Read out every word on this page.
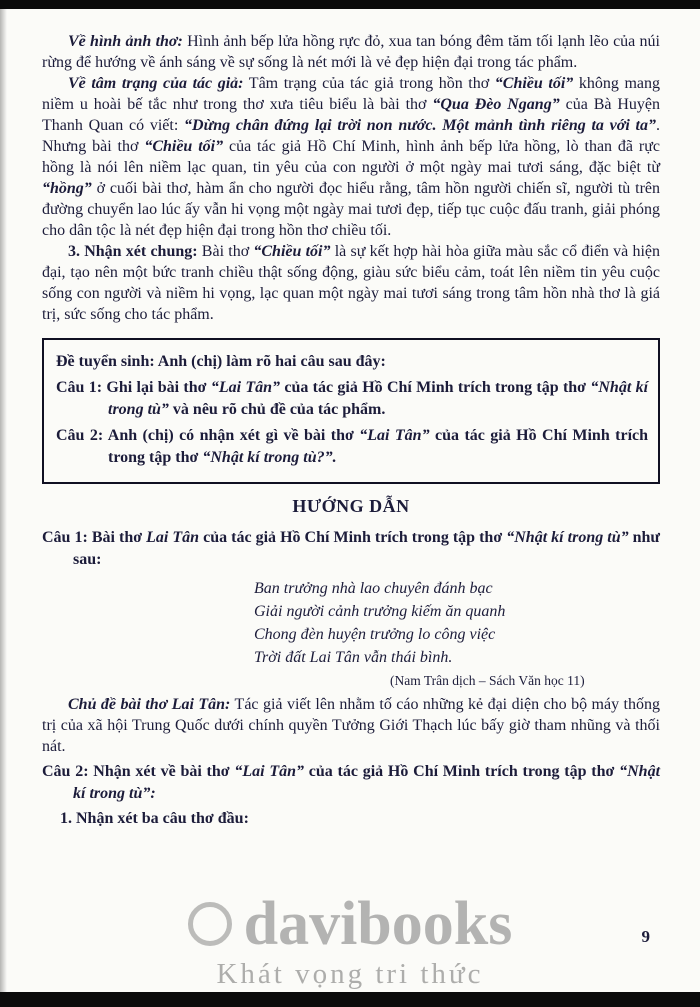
Về hình ảnh thơ: Hình ảnh bếp lửa hồng rực đỏ, xua tan bóng đêm tăm tối lạnh lẽo của núi rừng để hướng về ánh sáng về sự sống là nét mới là vẻ đẹp hiện đại trong tác phẩm.

Về tâm trạng của tác giả: Tâm trạng của tác giả trong hồn thơ “Chiều tối” không mang niềm u hoài bế tắc như trong thơ xưa tiêu biểu là bài thơ “Qua Đèo Ngang” của Bà Huyện Thanh Quan có viết: “Dừng chân đứng lại trời non nước. Một mảnh tình riêng ta với ta”. Nhưng bài thơ “Chiều tối” của tác giả Hồ Chí Minh, hình ảnh bếp lửa hồng, lò than đã rực hồng là nói lên niềm lạc quan, tin yêu của con người ở một ngày mai tươi sáng, đặc biệt từ “hồng” ở cuối bài thơ, hàm ẩn cho người đọc hiểu rằng, tâm hồn người chiến sĩ, người tù trên đường chuyển lao lúc ấy vẫn hi vọng một ngày mai tươi đẹp, tiếp tục cuộc đấu tranh, giải phóng cho dân tộc là nét đẹp hiện đại trong hồn thơ chiều tối.

3. Nhận xét chung: Bài thơ “Chiều tối” là sự kết hợp hài hòa giữa màu sắc cổ điển và hiện đại, tạo nên một bức tranh chiều thật sống động, giàu sức biểu cảm, toát lên niềm tin yêu cuộc sống con người và niềm hi vọng, lạc quan một ngày mai tươi sáng trong tâm hồn nhà thơ là giá trị, sức sống cho tác phẩm.

Đề tuyển sinh: Anh (chị) làm rõ hai câu sau đây:

Câu 1: Ghi lại bài thơ “Lai Tân” của tác giả Hồ Chí Minh trích trong tập thơ “Nhật kí trong tù” và nêu rõ chủ đề của tác phẩm.

Câu 2: Anh (chị) có nhận xét gì về bài thơ “Lai Tân” của tác giả Hồ Chí Minh trích trong tập thơ “Nhật kí trong tù?”.

HƯỚNG DẪN

Câu 1: Bài thơ Lai Tân của tác giả Hồ Chí Minh trích trong tập thơ “Nhật kí trong tù” như sau:

Ban trưởng nhà lao chuyên đánh bạc
Giải người cảnh trưởng kiếm ăn quanh
Chong đèn huyện trưởng lo công việc
Trời đất Lai Tân vẫn thái bình.

(Nam Trân dịch – Sách Văn học 11)

Chủ đề bài thơ Lai Tân: Tác giả viết lên nhằm tố cáo những kẻ đại diện cho bộ máy thống trị của xã hội Trung Quốc dưới chính quyền Tưởng Giới Thạch lúc bấy giờ tham nhũng và thối nát.

Câu 2: Nhận xét về bài thơ “Lai Tân” của tác giả Hồ Chí Minh trích trong tập thơ “Nhật kí trong tù”:

1. Nhận xét ba câu thơ đầu:

davibooks
Khát vọng tri thức
9
